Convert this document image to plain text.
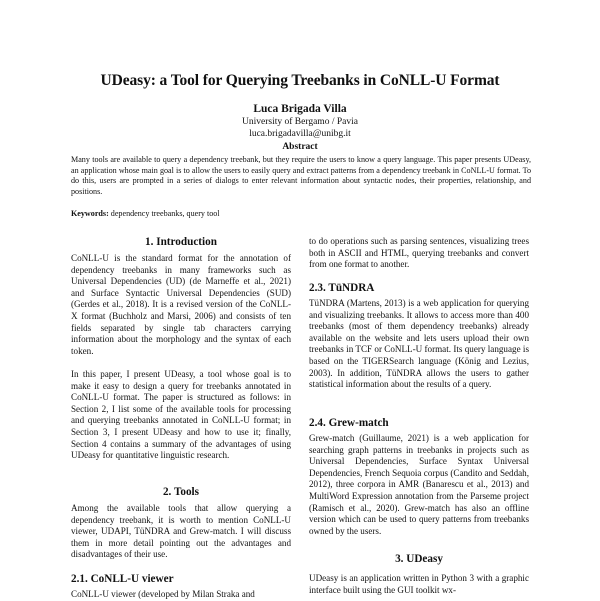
UDeasy: a Tool for Querying Treebanks in CoNLL-U Format
Luca Brigada Villa
University of Bergamo / Pavia
luca.brigadavilla@unibg.it
Abstract
Many tools are available to query a dependency treebank, but they require the users to know a query language. This paper presents UDeasy, an application whose main goal is to allow the users to easily query and extract patterns from a dependency treebank in CoNLL-U format. To do this, users are prompted in a series of dialogs to enter relevant information about syntactic nodes, their properties, relationship, and positions.
Keywords: dependency treebanks, query tool
1. Introduction
CoNLL-U is the standard format for the annotation of dependency treebanks in many frameworks such as Universal Dependencies (UD) (de Marneffe et al., 2021) and Surface Syntactic Universal Dependencies (SUD) (Gerdes et al., 2018). It is a revised version of the CoNLL-X format (Buchholz and Marsi, 2006) and consists of ten fields separated by single tab characters carrying information about the morphology and the syntax of each token.
In this paper, I present UDeasy, a tool whose goal is to make it easy to design a query for treebanks annotated in CoNLL-U format. The paper is structured as follows: in Section 2, I list some of the available tools for processing and querying treebanks annotated in CoNLL-U format; in Section 3, I present UDeasy and how to use it; finally, Section 4 contains a summary of the advantages of using UDeasy for quantitative linguistic research.
2. Tools
Among the available tools that allow querying a dependency treebank, it is worth to mention CoNLL-U viewer, UDAPI, TüNDRA and Grew-match. I will discuss them in more detail pointing out the advantages and disadvantages of their use.
2.1. CoNLL-U viewer
CoNLL-U viewer (developed by Milan Straka and
to do operations such as parsing sentences, visualizing trees both in ASCII and HTML, querying treebanks and convert from one format to another.
2.3. TüNDRA
TüNDRA (Martens, 2013) is a web application for querying and visualizing treebanks. It allows to access more than 400 treebanks (most of them dependency treebanks) already available on the website and lets users upload their own treebanks in TCF or CoNLL-U format. Its query language is based on the TIGERSearch language (König and Lezius, 2003). In addition, TüNDRA allows the users to gather statistical information about the results of a query.
2.4. Grew-match
Grew-match (Guillaume, 2021) is a web application for searching graph patterns in treebanks in projects such as Universal Dependencies, Surface Syntax Universal Dependencies, French Sequoia corpus (Candito and Seddah, 2012), three corpora in AMR (Banarescu et al., 2013) and MultiWord Expression annotation from the Parseme project (Ramisch et al., 2020). Grew-match has also an offline version which can be used to query patterns from treebanks owned by the users.
3. UDeasy
UDeasy is an application written in Python 3 with a graphic interface built using the GUI toolkit wx-
